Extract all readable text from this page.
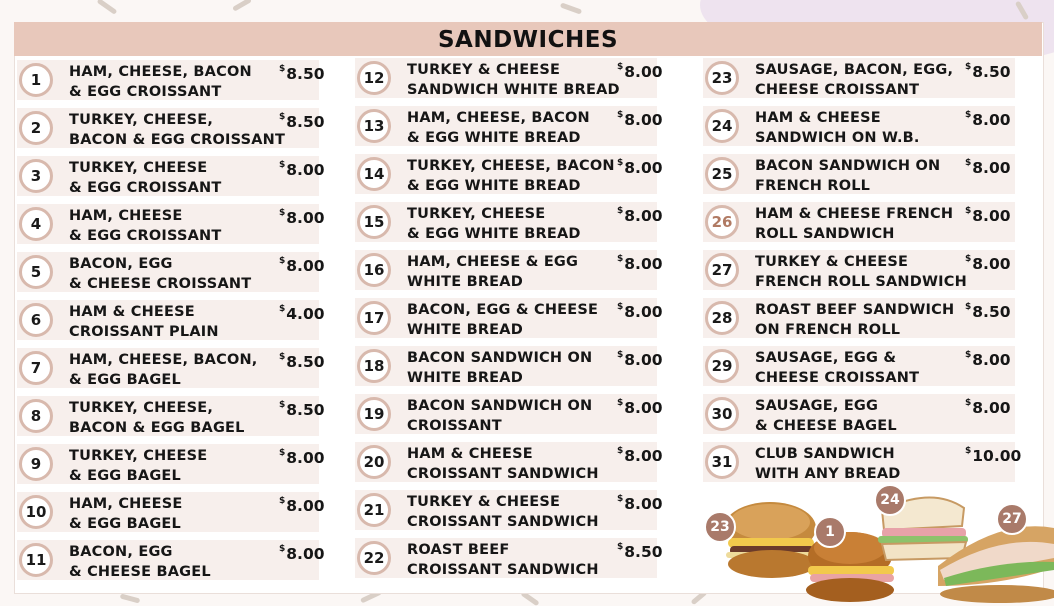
SANDWICHES
1	HAM, CHEESE, BACON
& EGG CROISSANT
$8.50
2	TURKEY, CHEESE,
BACON & EGG CROISSANT
$8.50
3	TURKEY, CHEESE
& EGG CROISSANT
$8.00
4	HAM, CHEESE
& EGG CROISSANT
$8.00
5	BACON, EGG
& CHEESE CROISSANT
$8.00
6	HAM & CHEESE
CROISSANT PLAIN
$4.00
7	HAM, CHEESE, BACON,
& EGG BAGEL
$8.50
8	TURKEY, CHEESE,
BACON & EGG BAGEL
$8.50
9	TURKEY, CHEESE
& EGG BAGEL
$8.00
10	HAM, CHEESE
& EGG BAGEL
$8.00
11	BACON, EGG
& CHEESE BAGEL
$8.00
12	TURKEY & CHEESE
SANDWICH WHITE BREAD
$8.00
13	HAM, CHEESE, BACON
& EGG WHITE BREAD
$8.00
14	TURKEY, CHEESE, BACON
& EGG WHITE BREAD
$8.00
15	TURKEY, CHEESE
& EGG WHITE BREAD
$8.00
16	HAM, CHEESE & EGG
WHITE BREAD
$8.00
17	BACON, EGG & CHEESE
WHITE BREAD
$8.00
18	BACON SANDWICH ON
WHITE BREAD
$8.00
19	BACON SANDWICH ON
CROISSANT
$8.00
20	HAM & CHEESE
CROISSANT SANDWICH
$8.00
21	TURKEY & CHEESE
CROISSANT SANDWICH
$8.00
22	ROAST BEEF
CROISSANT SANDWICH
$8.50
23	SAUSAGE, BACON, EGG,
CHEESE CROISSANT
$8.50
24	HAM & CHEESE
SANDWICH ON W.B.
$8.00
25	BACON SANDWICH ON
FRENCH ROLL
$8.00
26	HAM & CHEESE FRENCH
ROLL SANDWICH
$8.00
27	TURKEY & CHEESE
FRENCH ROLL SANDWICH
$8.00
28	ROAST BEEF SANDWICH
ON FRENCH ROLL
$8.50
29	SAUSAGE, EGG &
CHEESE CROISSANT
$8.00
30	SAUSAGE, EGG
& CHEESE BAGEL
$8.00
31	CLUB SANDWICH
WITH ANY BREAD
$10.00
23	1
24
27
